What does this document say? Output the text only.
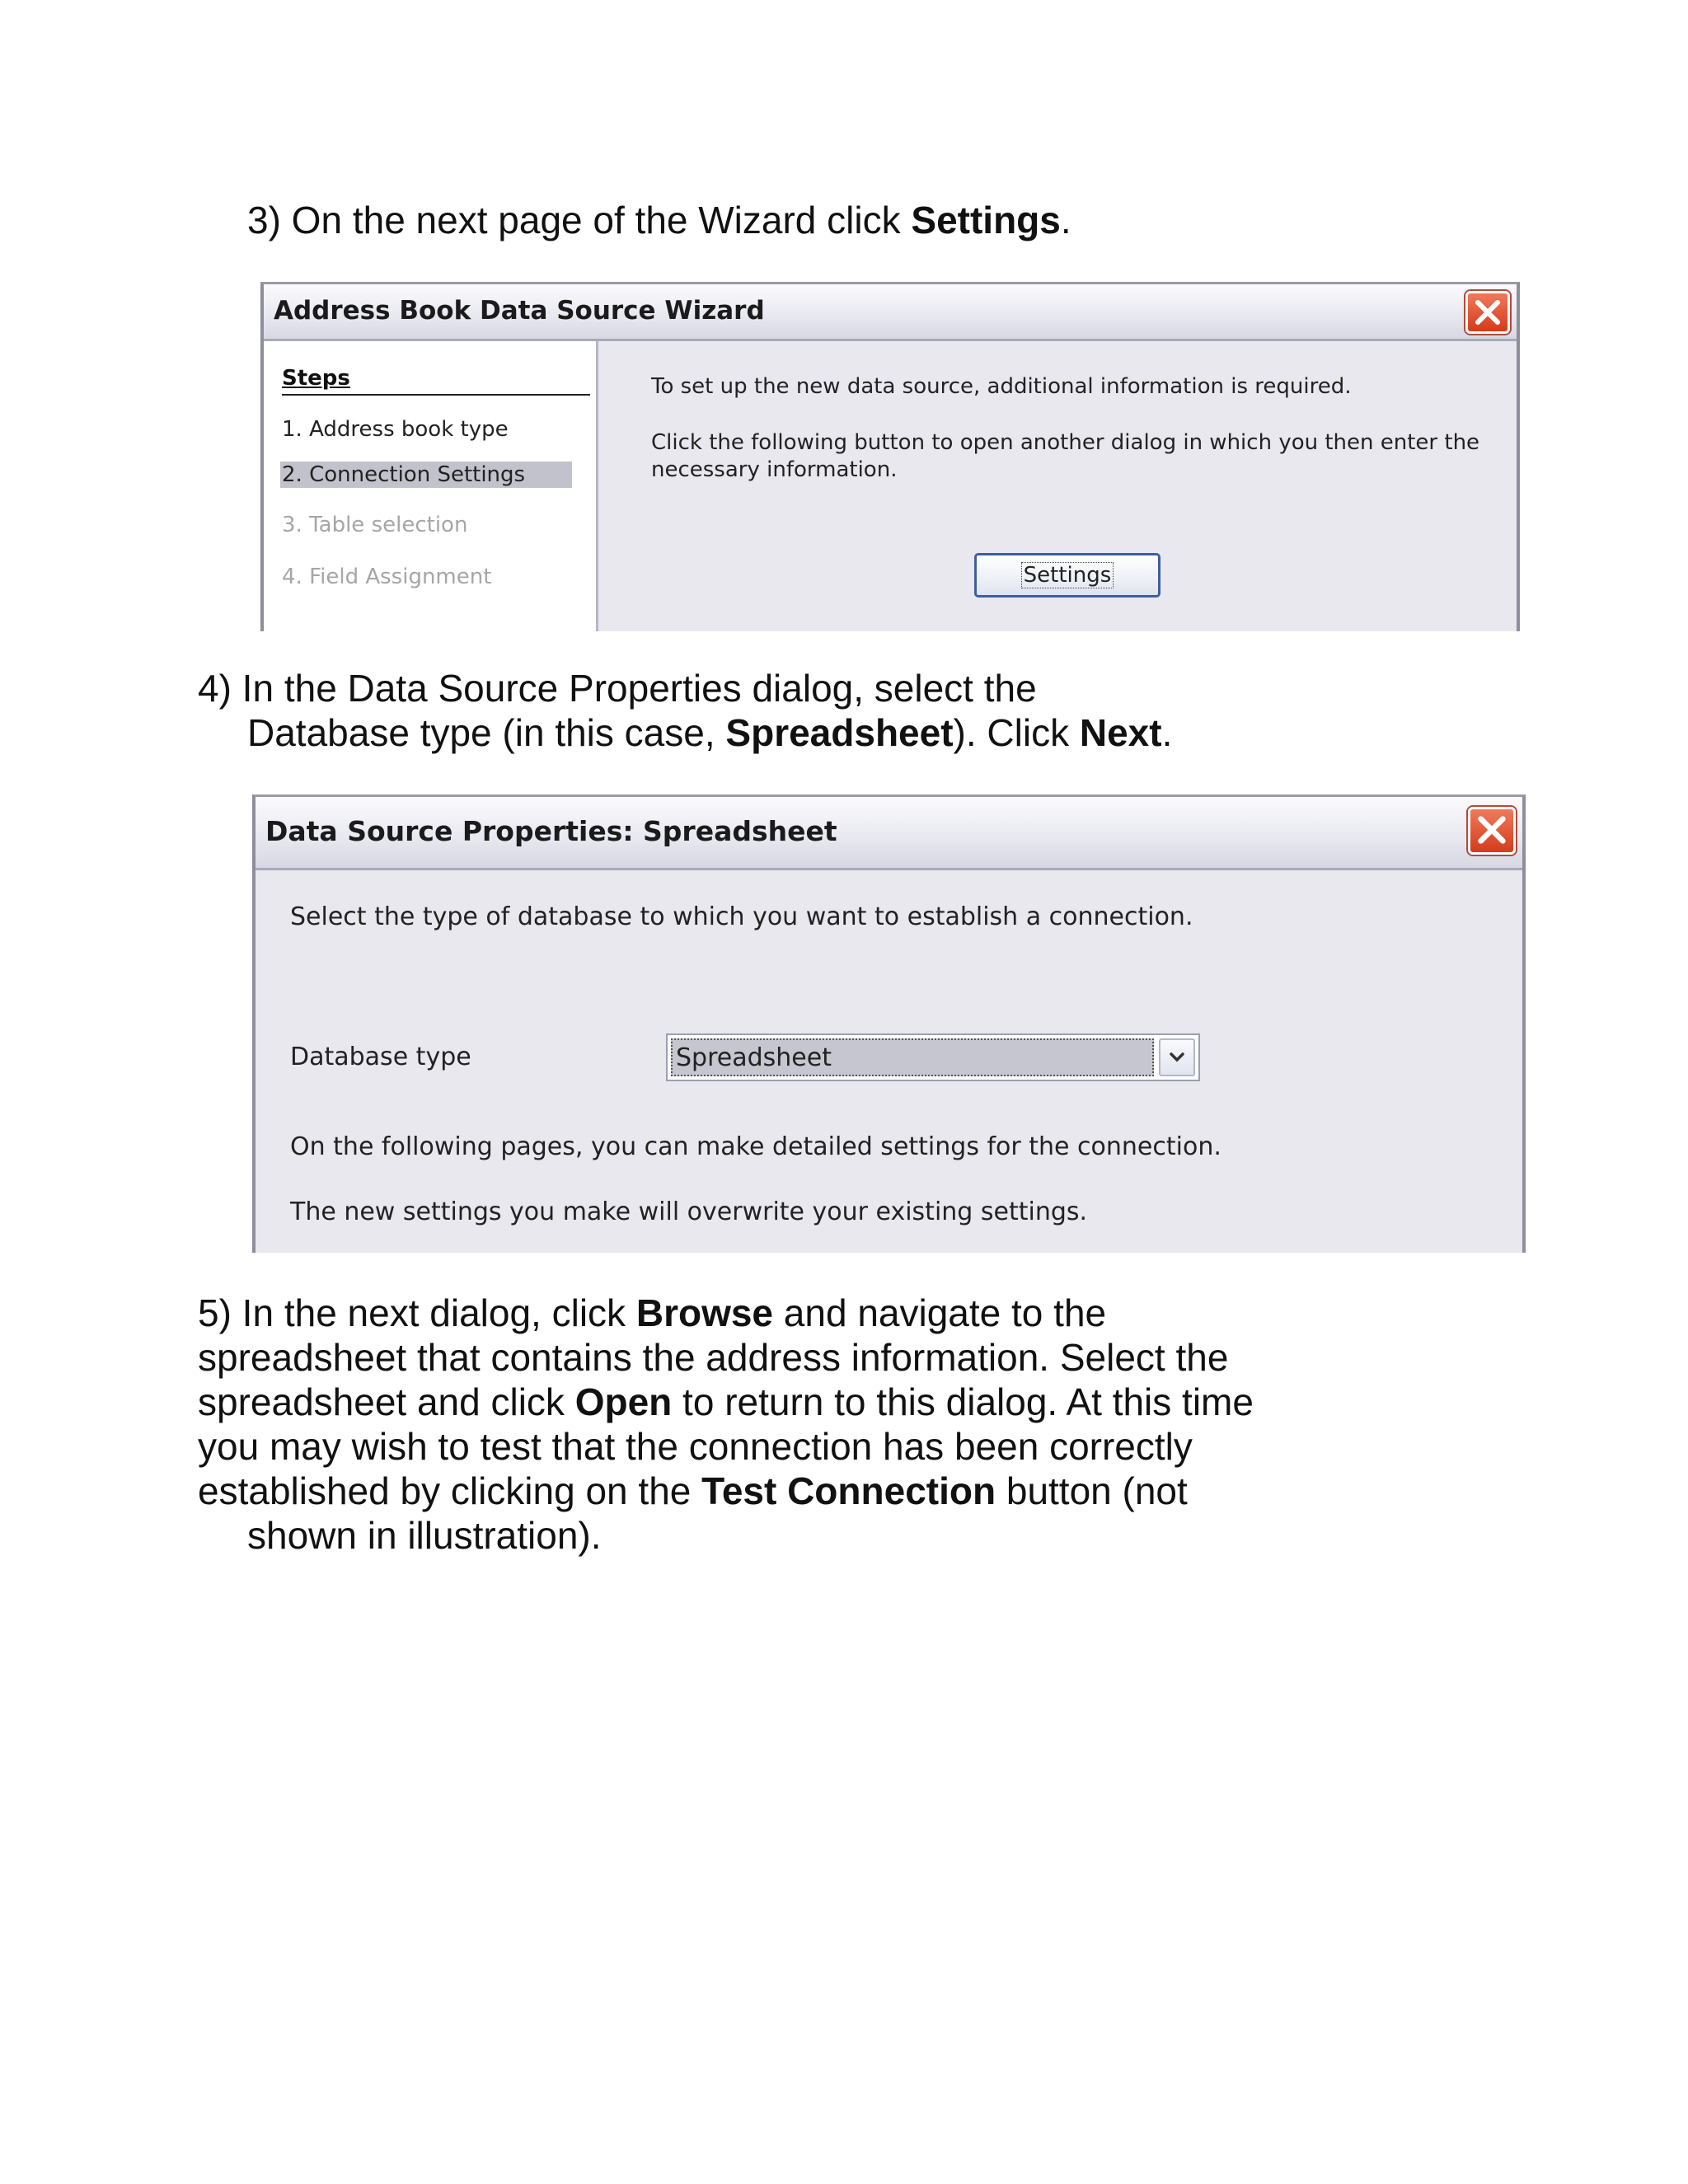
3) On the next page of the Wizard click Settings.

Address Book Data Source Wizard
Steps
1. Address book type
2. Connection Settings
3. Table selection
4. Field Assignment
To set up the new data source, additional information is required.
Click the following button to open another dialog in which you then enter the
necessary information.
Settings

4) In the Data Source Properties dialog, select the
Database type (in this case, Spreadsheet). Click Next.

Data Source Properties: Spreadsheet
Select the type of database to which you want to establish a connection.
Database type	Spreadsheet
On the following pages, you can make detailed settings for the connection.
The new settings you make will overwrite your existing settings.

5) In the next dialog, click Browse and navigate to the
spreadsheet that contains the address information. Select the
spreadsheet and click Open to return to this dialog. At this time
you may wish to test that the connection has been correctly
established by clicking on the Test Connection button (not
shown in illustration).
